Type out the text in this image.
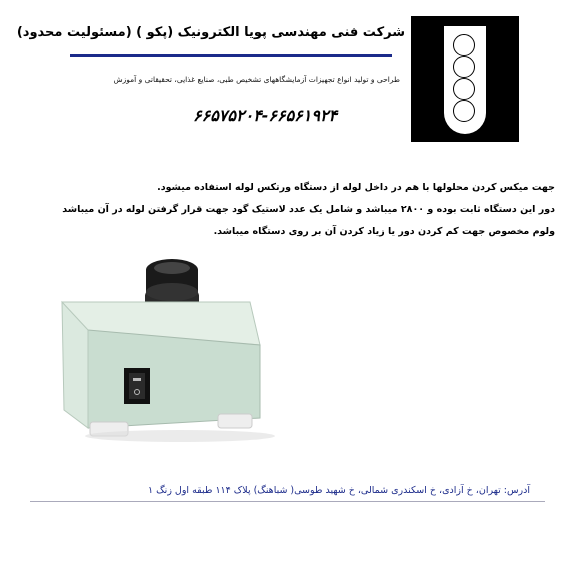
شرکت فنی مهندسی پویا الکترونیک (پکو ) (مسئولیت محدود)
طراحی و تولید انواع تجهیزات آزمایشگاههای تشخیص طبی، صنایع غذایی، تحقیقاتی و آموزش
۶۶۵۷۵۲۰۴-۶۶۵۶۱۹۲۴
جهت میکس کردن محلولها با هم در داخل لوله از دستگاه ورتکس لوله استفاده میشود.
دور این دستگاه ثابت بوده و ۲۸۰۰ میباشد و شامل یک عدد لاستیک گود جهت قرار گرفتن لوله در آن میباشد
ولوم مخصوص جهت کم کردن دور یا زیاد کردن آن بر روی دستگاه میباشد.
آدرس: تهران، خ آزادی، خ اسکندری شمالی، خ شهید طوسی( شباهنگ) پلاک ۱۱۴ طبقه اول زنگ ۱
